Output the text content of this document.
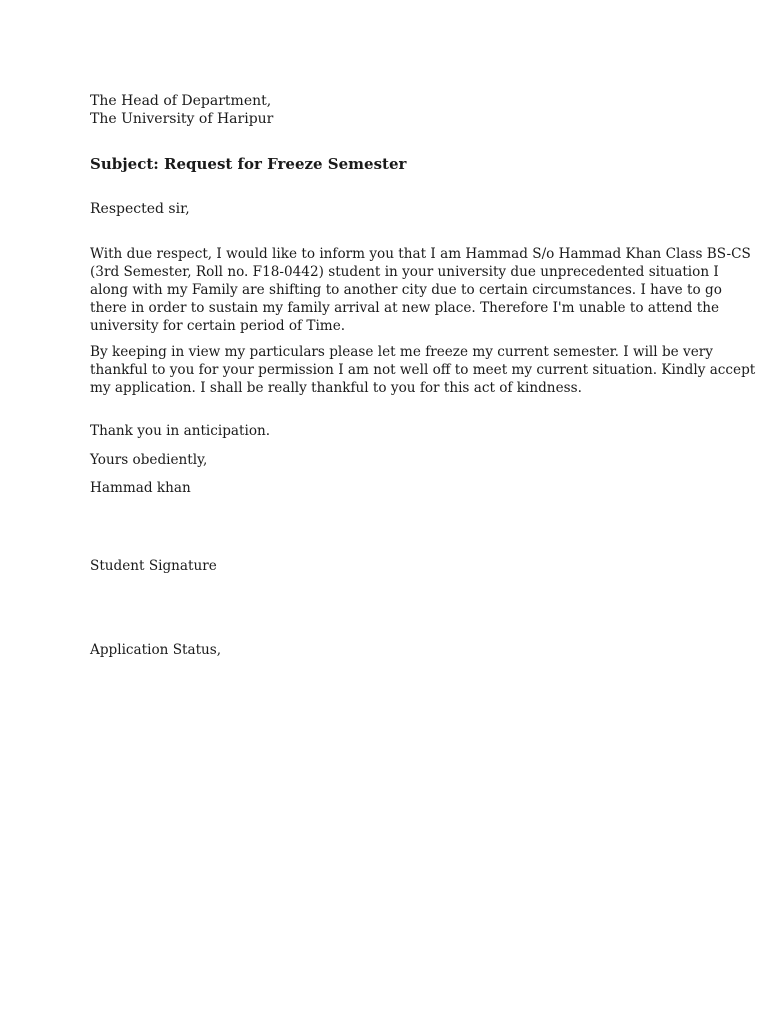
The Head of Department,
The University of Haripur
Subject: Request for Freeze Semester
Respected sir,
With due respect, I would like to inform you that I am Hammad S/o Hammad Khan Class BS-CS
(3rd Semester, Roll no. F18-0442) student in your university due unprecedented situation I
along with my Family are shifting to another city due to certain circumstances. I have to go
there in order to sustain my family arrival at new place. Therefore I'm unable to attend the
university for certain period of Time.
By keeping in view my particulars please let me freeze my current semester. I will be very
thankful to you for your permission I am not well off to meet my current situation. Kindly accept
my application. I shall be really thankful to you for this act of kindness.
Thank you in anticipation.
Yours obediently,
Hammad khan
Student Signature
Application Status,
